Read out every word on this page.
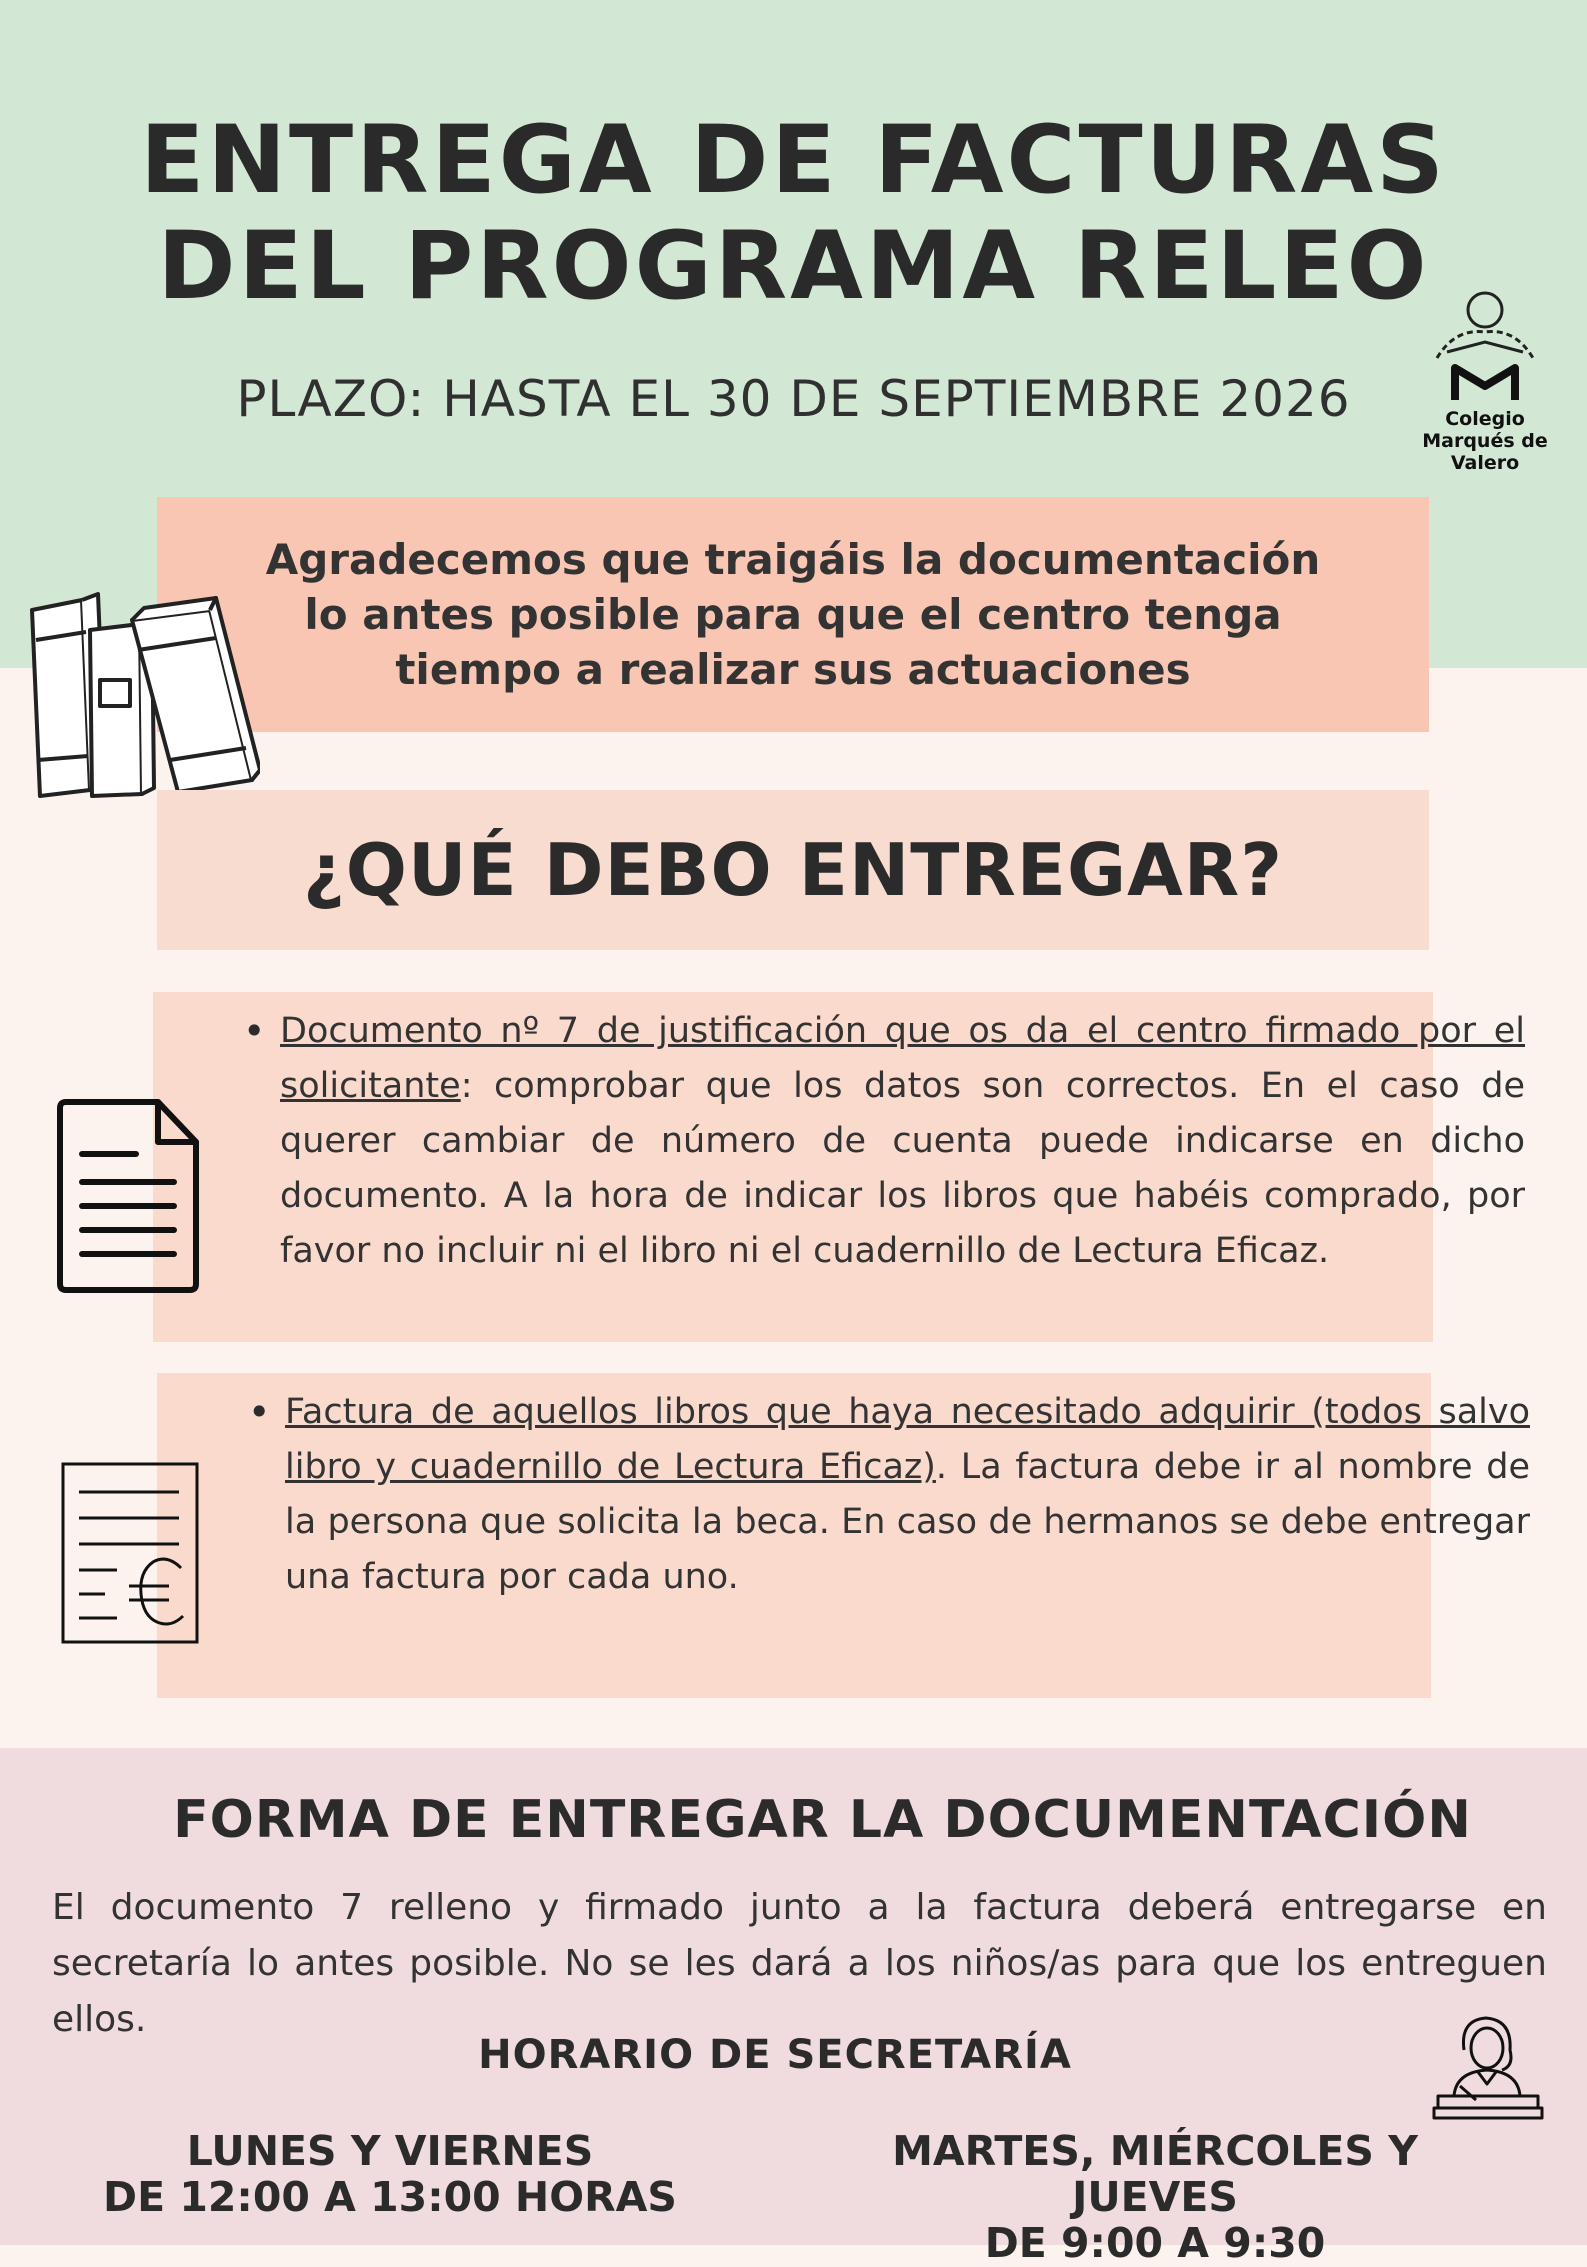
ENTREGA DE FACTURAS
DEL PROGRAMA RELEO
PLAZO: HASTA EL 30 DE SEPTIEMBRE 2026	Colegio
Marqués de Valero

Agradecemos que traigáis la documentación
lo antes posible para que el centro tenga
tiempo a realizar sus actuaciones

¿QUÉ DEBO ENTREGAR?
• Documento nº 7 de justificación que os da el centro firmado por el solicitante: comprobar que los datos son correctos. En el caso de querer cambiar de número de cuenta puede indicarse en dicho documento. A la hora de indicar los libros que habéis comprado, por favor no incluir ni el libro ni el cuadernillo de Lectura Eficaz.
• Factura de aquellos libros que haya necesitado adquirir (todos salvo libro y cuadernillo de Lectura Eficaz). La factura debe ir al nombre de la persona que solicita la beca. En caso de hermanos se debe entregar una factura por cada uno.
FORMA DE ENTREGAR LA DOCUMENTACIÓN
El documento 7 relleno y firmado junto a la factura deberá entregarse en secretaría lo antes posible. No se les dará a los niños/as para que los entreguen ellos.
HORARIO DE SECRETARÍA
LUNES Y VIERNES
DE 12:00 A 13:00 HORAS
MARTES, MIÉRCOLES Y JUEVES
DE 9:00 A 9:30
